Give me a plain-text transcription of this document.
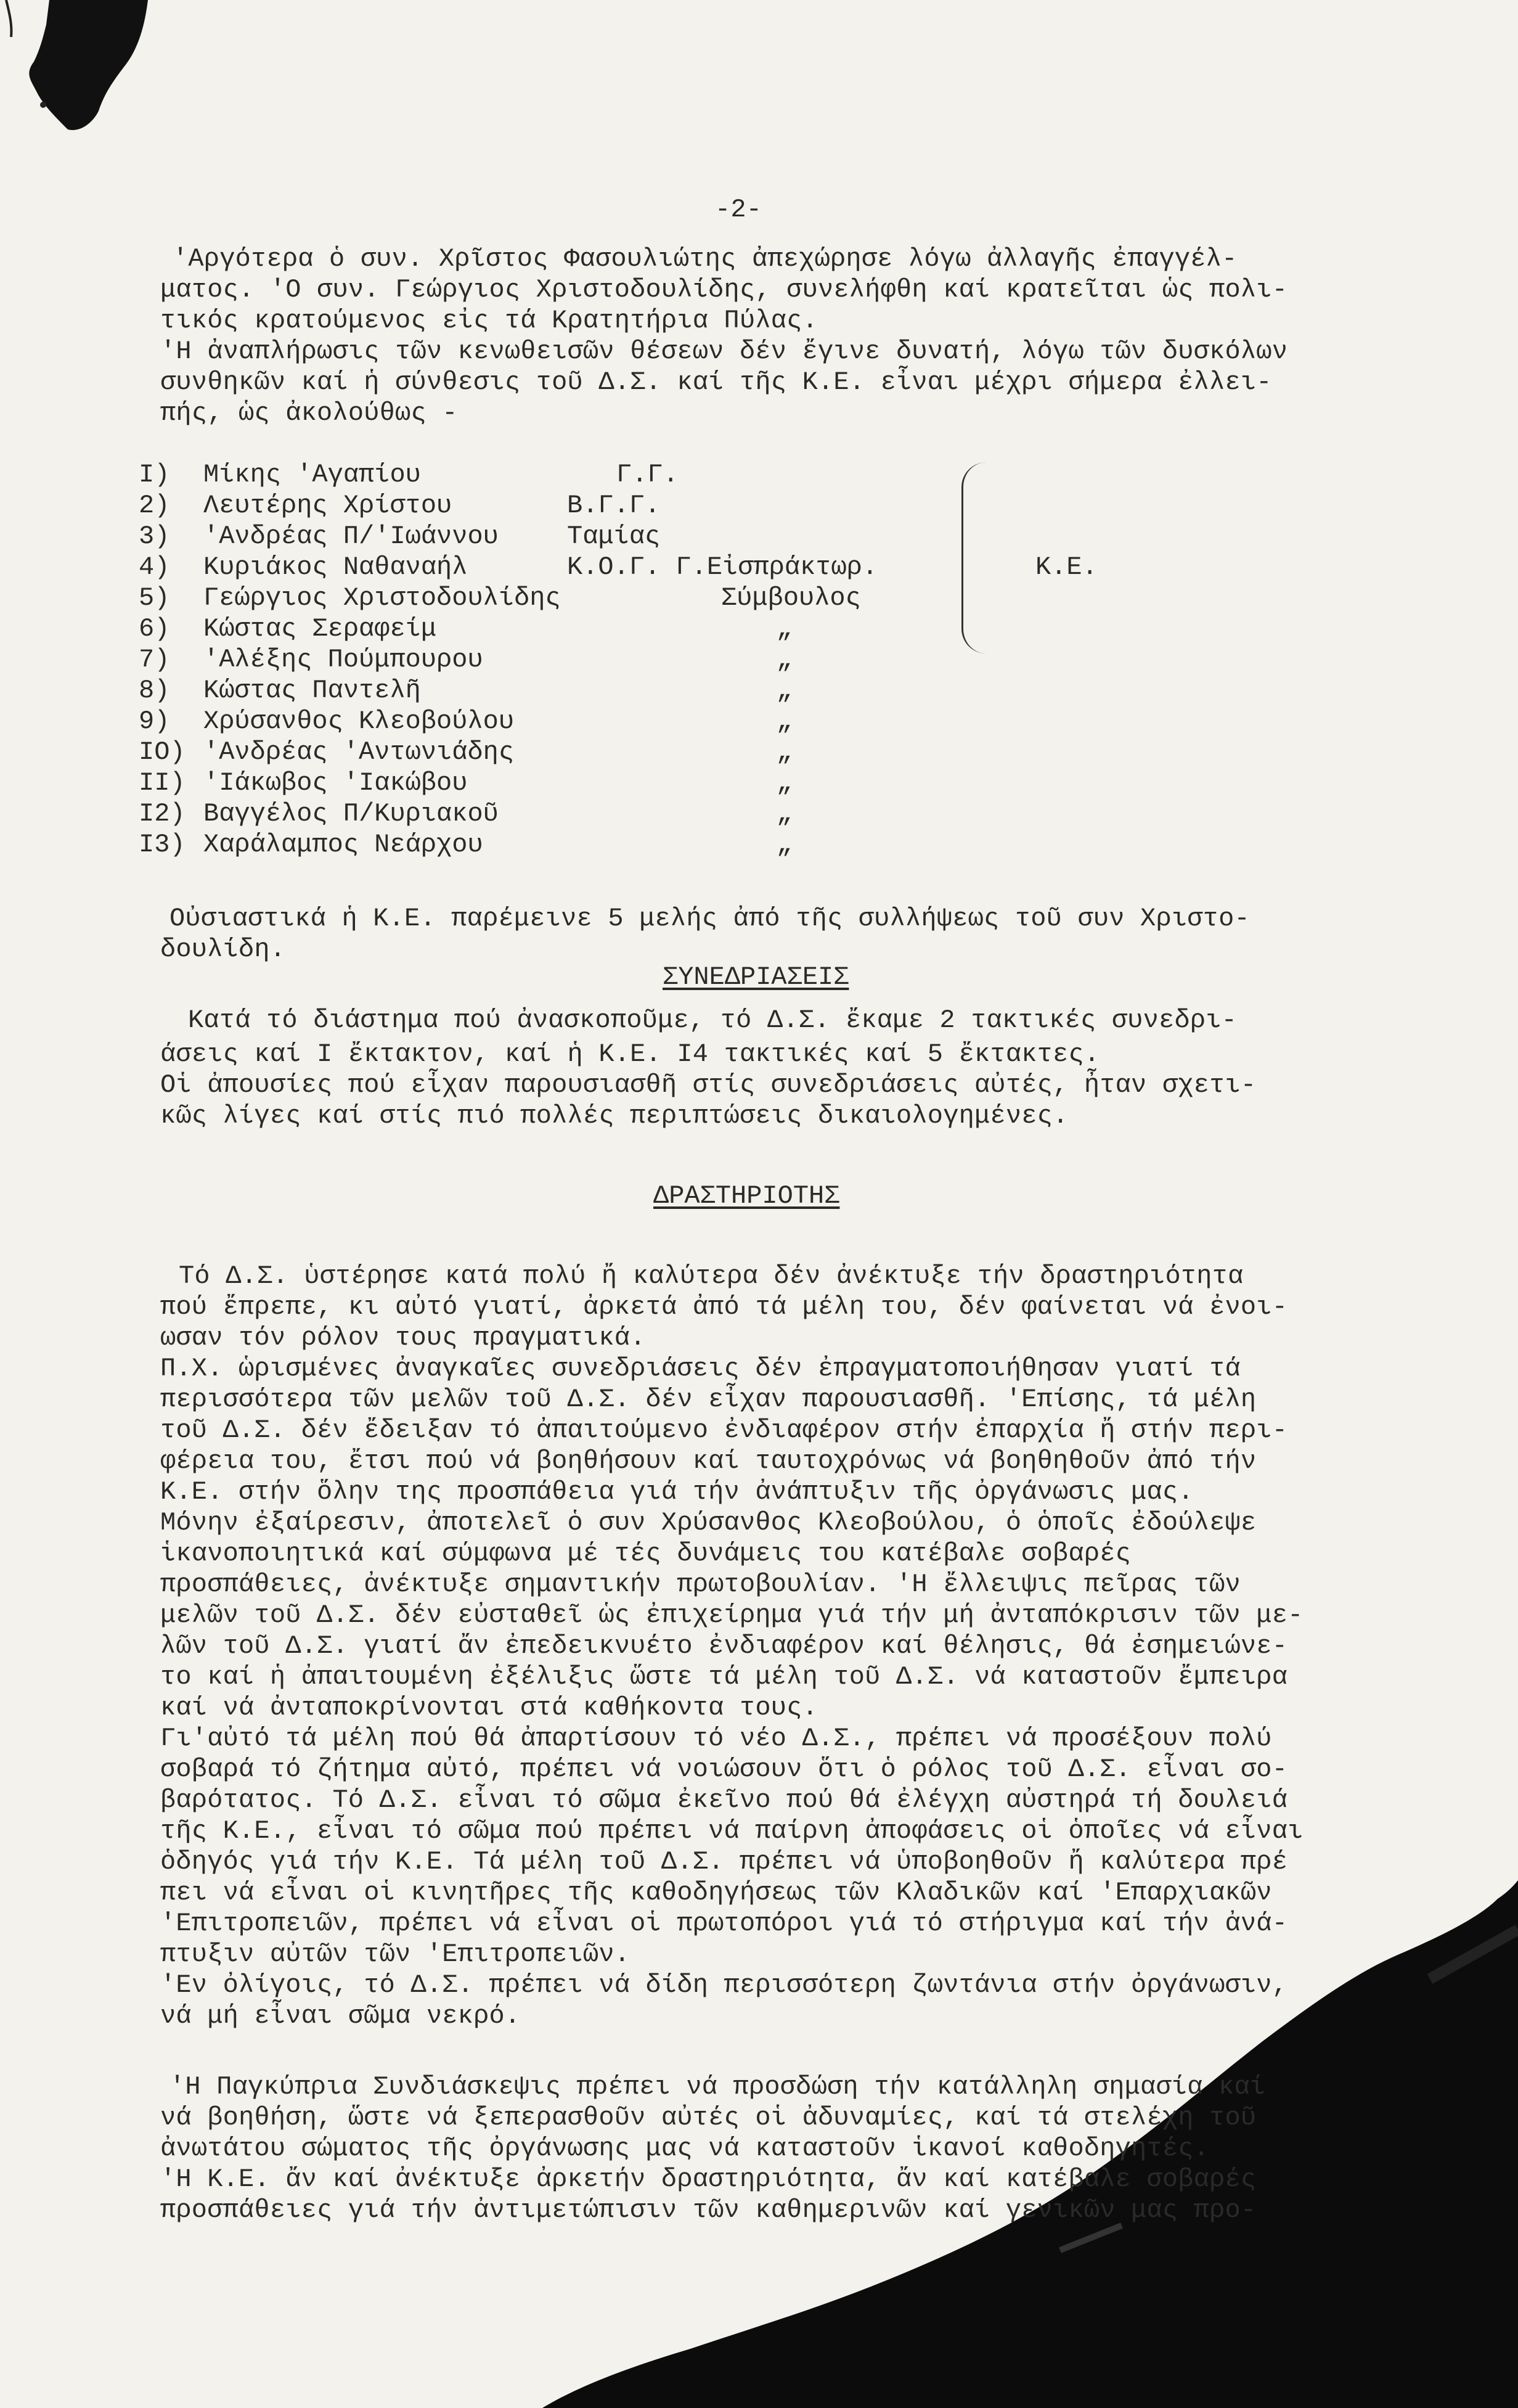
-2-
'Αργότερα ὁ συν. Χρῖστος Φασουλιώτης ἀπεχώρησε λόγω ἀλλαγῆς ἐπαγγέλ-
ματος. 'Ο συν. Γεώργιος Χριστοδουλίδης, συνελήφθη καί κρατεῖται ὡς πολι-
τικός κρατούμενος εἰς τά Κρατητήρια Πύλας.
'Η ἀναπλήρωσις τῶν κενωθεισῶν θέσεων δέν ἔγινε δυνατή, λόγω τῶν δυσκόλων
συνθηκῶν καί ἡ σύνθεσις τοῦ Δ.Σ. καί τῆς Κ.Ε. εἶναι μέχρι σήμερα ἐλλει-
πής, ὡς ἀκολούθως -
I) Μίκης 'Αγαπίου	Γ.Γ.
2) Λευτέρης Χρίστου	Β.Γ.Γ.
3) 'Ανδρέας Π/'Ιωάννου	Ταμίας
4) Κυριάκος Ναθαναήλ	Κ.Ο.Γ. Γ.Εἰσπράκτωρ.
5) Γεώργιος Χριστοδουλίδης	Σύμβουλος
6) Κώστας Σεραφείμ	„
7) 'Αλέξης Πούμπουρου	„
8) Κώστας Παντελῆ	„
9) Χρύσανθος Κλεοβούλου	„
IO) 'Ανδρέας 'Αντωνιάδης	„
II) 'Ιάκωβος 'Ιακώβου	„
I2) Βαγγέλος Π/Κυριακοῦ	„
I3) Χαράλαμπος Νεάρχου	„
Κ.Ε.
Οὐσιαστικά ἡ Κ.Ε. παρέμεινε 5 μελής ἀπό τῆς συλλήψεως τοῦ συν Χριστο-
δουλίδη.
ΣΥΝΕΔΡΙΑΣΕΙΣ
Κατά τό διάστημα πού ἀνασκοποῦμε, τό Δ.Σ. ἔκαμε 2 τακτικές συνεδρι-
άσεις καί I ἔκτακτον, καί ἡ Κ.Ε. I4 τακτικές καί 5 ἔκτακτες.
Οἱ ἀπουσίες πού εἶχαν παρουσιασθῆ στίς συνεδριάσεις αὐτές, ἦταν σχετι-
κῶς λίγες καί στίς πιό πολλές περιπτώσεις δικαιολογημένες.
ΔΡΑΣΤΗΡΙΟΤΗΣ
Τό Δ.Σ. ὑστέρησε κατά πολύ ἤ καλύτερα δέν ἀνέκτυξε τήν δραστηριότητα
πού ἔπρεπε, κι αὐτό γιατί, ἀρκετά ἀπό τά μέλη του, δέν φαίνεται νά ἐνοι-
ωσαν τόν ρόλον τους πραγματικά.
Π.Χ. ὡρισμένες ἀναγκαῖες συνεδριάσεις δέν ἐπραγματοποιήθησαν γιατί τά
περισσότερα τῶν μελῶν τοῦ Δ.Σ. δέν εἶχαν παρουσιασθῆ. 'Επίσης, τά μέλη
τοῦ Δ.Σ. δέν ἔδειξαν τό ἀπαιτούμενο ἐνδιαφέρον στήν ἐπαρχία ἤ στήν περι-
φέρεια του, ἔτσι πού νά βοηθήσουν καί ταυτοχρόνως νά βοηθηθοῦν ἀπό τήν
Κ.Ε. στήν ὅλην της προσπάθεια γιά τήν ἀνάπτυξιν τῆς ὀργάνωσις μας.
Μόνην ἐξαίρεσιν, ἀποτελεῖ ὁ συν Χρύσανθος Κλεοβούλου, ὁ ὁποῖς ἐδούλεψε
ἱκανοποιητικά καί σύμφωνα μέ τές δυνάμεις του κατέβαλε σοβαρές
προσπάθειες, ἀνέκτυξε σημαντικήν πρωτοβουλίαν. 'Η ἔλλειψις πεῖρας τῶν
μελῶν τοῦ Δ.Σ. δέν εὐσταθεῖ ὡς ἐπιχείρημα γιά τήν μή ἀνταπόκρισιν τῶν με-
λῶν τοῦ Δ.Σ. γιατί ἄν ἐπεδεικνυέτο ἐνδιαφέρον καί θέλησις, θά ἐσημειώνε-
το καί ἡ ἀπαιτουμένη ἐξέλιξις ὥστε τά μέλη τοῦ Δ.Σ. νά καταστοῦν ἔμπειρα
καί νά ἀνταποκρίνονται στά καθήκοντα τους.
Γι'αὐτό τά μέλη πού θά ἀπαρτίσουν τό νέο Δ.Σ., πρέπει νά προσέξουν πολύ
σοβαρά τό ζήτημα αὐτό, πρέπει νά νοιώσουν ὅτι ὁ ρόλος τοῦ Δ.Σ. εἶναι σο-
βαρότατος. Τό Δ.Σ. εἶναι τό σῶμα ἐκεῖνο πού θά ἐλέγχη αὐστηρά τή δουλειά
τῆς Κ.Ε., εἶναι τό σῶμα πού πρέπει νά παίρνη ἀποφάσεις οἱ ὁποῖες νά εἶναι
ὁδηγός γιά τήν Κ.Ε. Τά μέλη τοῦ Δ.Σ. πρέπει νά ὑποβοηθοῦν ἤ καλύτερα πρέ
πει νά εἶναι οἱ κινητῆρες τῆς καθοδηγήσεως τῶν Κλαδικῶν καί 'Επαρχιακῶν
'Επιτροπειῶν, πρέπει νά εἶναι οἱ πρωτοπόροι γιά τό στήριγμα καί τήν ἀνά-
πτυξιν αὐτῶν τῶν 'Επιτροπειῶν.
'Εν ὀλίγοις, τό Δ.Σ. πρέπει νά δίδη περισσότερη ζωντάνια στήν ὀργάνωσιν,
νά μή εἶναι σῶμα νεκρό.
'Η Παγκύπρια Συνδιάσκεψις πρέπει νά προσδώση τήν κατάλληλη σημασία καί
νά βοηθήση, ὥστε νά ξεπερασθοῦν αὐτές οἱ ἀδυναμίες, καί τά στελέχη τοῦ
ἀνωτάτου σώματος τῆς ὀργάνωσης μας νά καταστοῦν ἱκανοί καθοδηγητές.
'Η Κ.Ε. ἄν καί ἀνέκτυξε ἀρκετήν δραστηριότητα, ἄν καί κατέβαλε σοβαρές
προσπάθειες γιά τήν ἀντιμετώπισιν τῶν καθημερινῶν καί γενικῶν μας προ-
